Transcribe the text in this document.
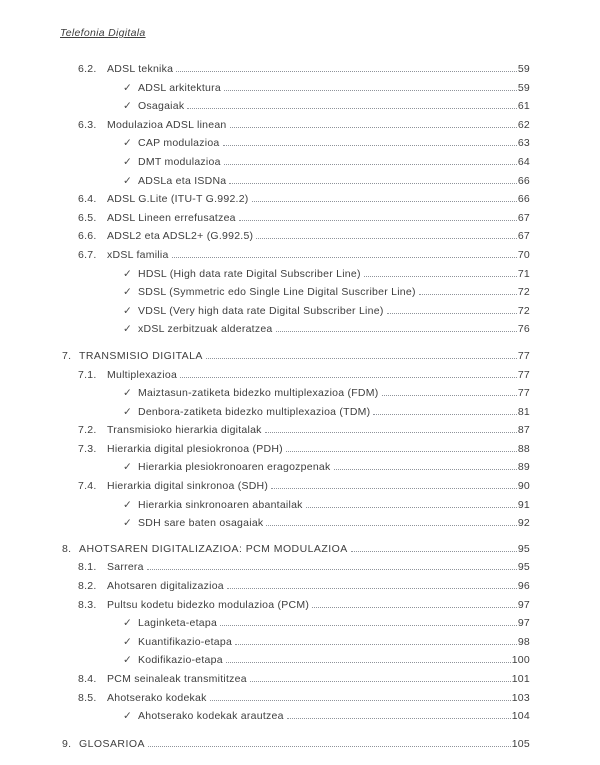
Telefonia Digitala
6.2. ADSL teknika	59
✓ ADSL arkitektura	59
✓ Osagaiak	61
6.3. Modulazioa ADSL linean	62
✓ CAP modulazioa	63
✓ DMT modulazioa	64
✓ ADSLa eta ISDNa	66
6.4. ADSL G.Lite (ITU-T G.992.2)	66
6.5. ADSL Lineen errefusatzea	67
6.6. ADSL2 eta ADSL2+ (G.992.5)	67
6.7. xDSL familia	70
✓ HDSL (High data rate Digital Subscriber Line)	71
✓ SDSL (Symmetric edo Single Line Digital Suscriber Line)	72
✓ VDSL (Very high data rate Digital Subscriber Line)	72
✓ xDSL zerbitzuak alderatzea	76
7. TRANSMISIO DIGITALA	77
7.1. Multiplexazioa	77
✓ Maiztasun-zatiketa bidezko multiplexazioa (FDM)	77
✓ Denbora-zatiketa bidezko multiplexazioa (TDM)	81
7.2. Transmisioko hierarkia digitalak	87
7.3. Hierarkia digital plesiokronoa (PDH)	88
✓ Hierarkia plesiokronoaren eragozpenak	89
7.4. Hierarkia digital sinkronoa (SDH)	90
✓ Hierarkia sinkronoaren abantailak	91
✓ SDH sare baten osagaiak	92
8. AHOTSAREN DIGITALIZAZIOA: PCM MODULAZIOA	95
8.1. Sarrera	95
8.2. Ahotsaren digitalizazioa	96
8.3. Pultsu kodetu bidezko modulazioa (PCM)	97
✓ Laginketa-etapa	97
✓ Kuantifikazio-etapa	98
✓ Kodifikazio-etapa	100
8.4. PCM seinaleak transmititzea	101
8.5. Ahotserako kodekak	103
✓ Ahotserako kodekak arautzea	104
9. GLOSARIOA	105
